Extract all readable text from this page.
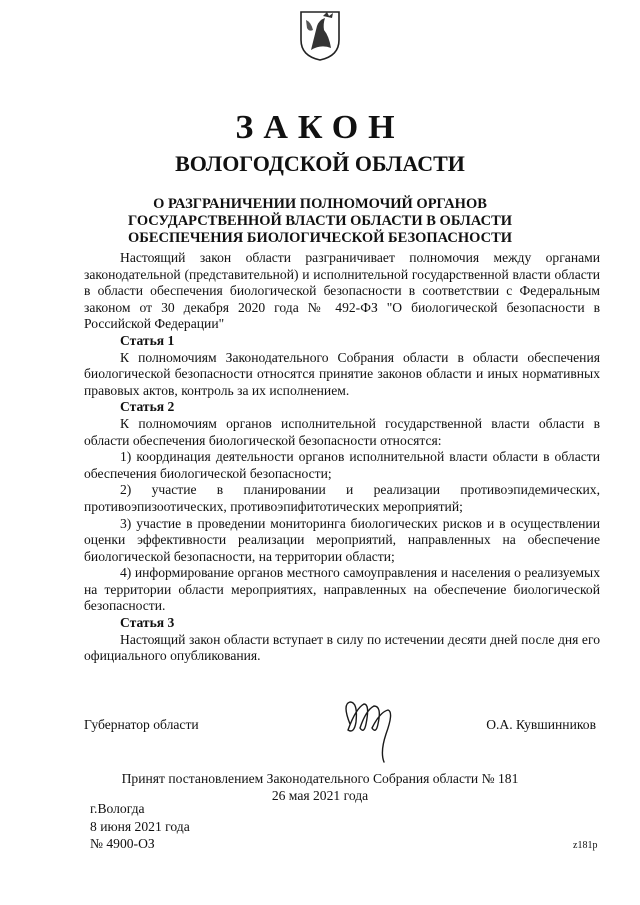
ЗАКОН
ВОЛОГОДСКОЙ ОБЛАСТИ
О РАЗГРАНИЧЕНИИ ПОЛНОМОЧИЙ ОРГАНОВ
ГОСУДАРСТВЕННОЙ ВЛАСТИ ОБЛАСТИ В ОБЛАСТИ
ОБЕСПЕЧЕНИЯ БИОЛОГИЧЕСКОЙ БЕЗОПАСНОСТИ

Настоящий закон области разграничивает полномочия между органами законодательной (представительной) и исполнительной государственной власти области в области обеспечения биологической безопасности в соответствии с Федеральным законом от 30 декабря 2020 года № 492-ФЗ "О биологической безопасности в Российской Федерации"

Статья 1

К полномочиям Законодательного Собрания области в области обеспечения биологической безопасности относятся принятие законов области и иных нормативных правовых актов, контроль за их исполнением.

Статья 2

К полномочиям органов исполнительной государственной власти области в области обеспечения биологической безопасности относятся:

1) координация деятельности органов исполнительной власти области в области обеспечения биологической безопасности;

2) участие в планировании и реализации противоэпидемических, противоэпизоотических, противоэпифитотических мероприятий;

3) участие в проведении мониторинга биологических рисков и в осуществлении оценки эффективности реализации мероприятий, направленных на обеспечение биологической безопасности, на территории области;

4) информирование органов местного самоуправления и населения о реализуемых на территории области мероприятиях, направленных на обеспечение биологической безопасности.

Статья 3

Настоящий закон области вступает в силу по истечении десяти дней после дня его официального опубликования.

Губернатор области	О.А. Кувшинников
Принят постановлением Законодательного Собрания области № 181
26 мая 2021 года
г.Вологда
8 июня 2021 года
№ 4900-ОЗ	z181p
